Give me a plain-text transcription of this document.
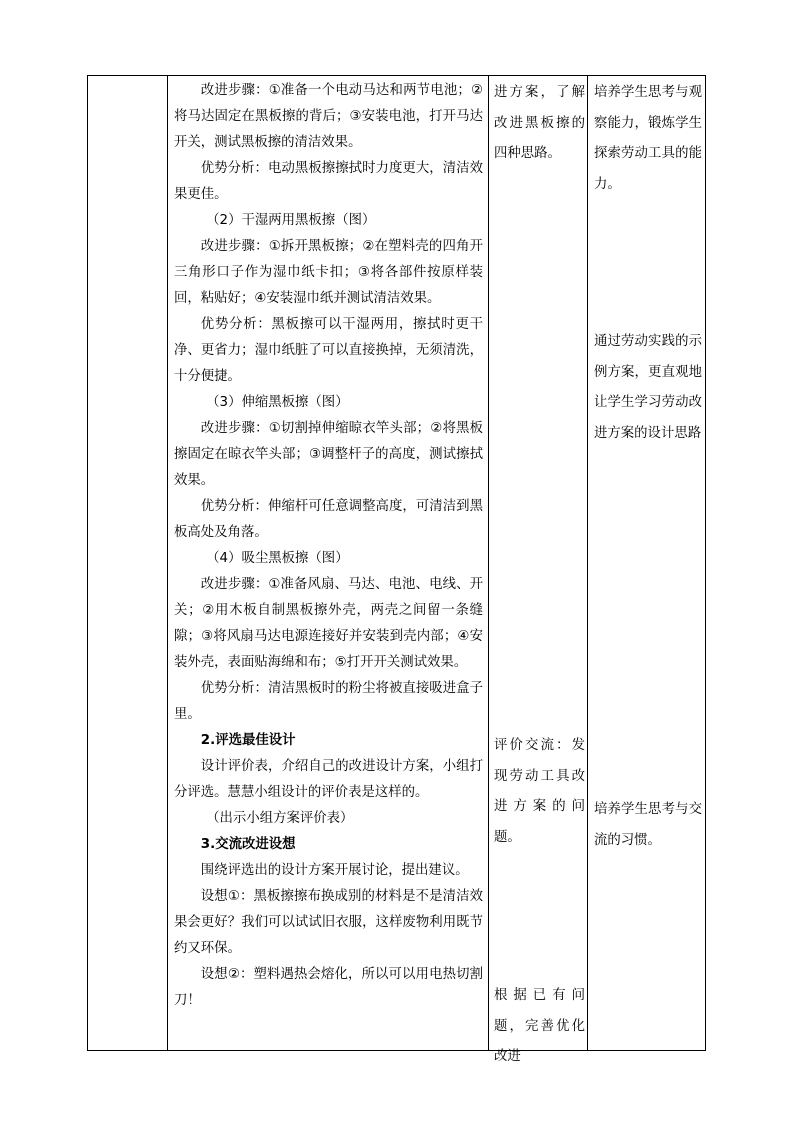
改进步骤：①准备一个电动马达和两节电池；②将马达固定在黑板擦的背后；③安装电池，打开马达开关，测试黑板擦的清洁效果。

优势分析：电动黑板擦擦拭时力度更大，清洁效果更佳。

（2）干湿两用黑板擦（图）

改进步骤：①拆开黑板擦；②在塑料壳的四角开三角形口子作为湿巾纸卡扣；③将各部件按原样装回，粘贴好；④安装湿巾纸并测试清洁效果。

优势分析：黑板擦可以干湿两用，擦拭时更干净、更省力；湿巾纸脏了可以直接换掉，无须清洗，十分便捷。

（3）伸缩黑板擦（图）

改进步骤：①切割掉伸缩晾衣竿头部；②将黑板擦固定在晾衣竿头部；③调整杆子的高度，测试擦拭效果。

优势分析：伸缩杆可任意调整高度，可清洁到黑板高处及角落。

（4）吸尘黑板擦（图）

改进步骤：①准备风扇、马达、电池、电线、开关；②用木板自制黑板擦外壳，两壳之间留一条缝隙；③将风扇马达电源连接好并安装到壳内部；④安装外壳，表面贴海绵和布；⑤打开开关测试效果。

优势分析：清洁黑板时的粉尘将被直接吸进盒子里。

2.评选最佳设计

设计评价表，介绍自己的改进设计方案，小组打分评选。慧慧小组设计的评价表是这样的。

（出示小组方案评价表）

3.交流改进设想

围绕评选出的设计方案开展讨论，提出建议。

设想①：黑板擦擦布换成别的材料是不是清洁效果会更好？我们可以试试旧衣服，这样废物利用既节约又环保。

设想②：塑料遇热会熔化，所以可以用电热切割刀！

进方案，了解改进黑板擦的四种思路。

评价交流：发现劳动工具改进方案的问题。

根据已有问题，完善优化改进

培养学生思考与观察能力，锻炼学生探索劳动工具的能力。

通过劳动实践的示例方案，更直观地让学生学习劳动改进方案的设计思路

培养学生思考与交流的习惯。
